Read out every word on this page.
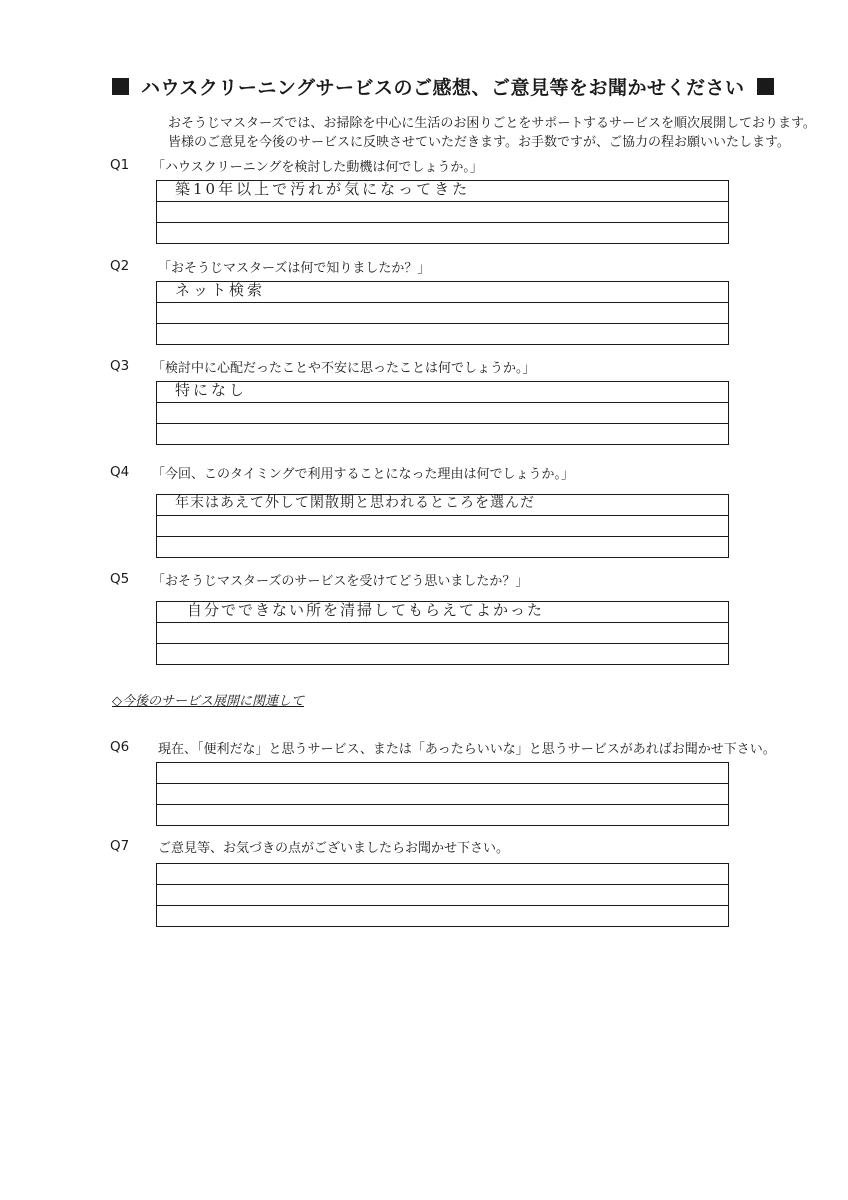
ハウスクリーニングサービスのご感想、ご意見等をお聞かせください
おそうじマスターズでは、お掃除を中心に生活のお困りごとをサポートするサービスを順次展開しております。
皆様のご意見を今後のサービスに反映させていただきます。お手数ですが、ご協力の程お願いいたします。
Q1 「ハウスクリーニングを検討した動機は何でしょうか。」
築10年以上で汚れが気になってきた
Q2 「おそうじマスターズは何で知りましたか？」
ネット検索
Q3 「検討中に心配だったことや不安に思ったことは何でしょうか。」
特になし
Q4 「今回、このタイミングで利用することになった理由は何でしょうか。」
年末はあえて外して閑散期と思われるところを選んだ
Q5 「おそうじマスターズのサービスを受けてどう思いましたか？」
自分でできない所を清掃してもらえてよかった
◇今後のサービス展開に関連して
Q6 現在、「便利だな」と思うサービス、または「あったらいいな」と思うサービスがあればお聞かせ下さい。
Q7 ご意見等、お気づきの点がございましたらお聞かせ下さい。
